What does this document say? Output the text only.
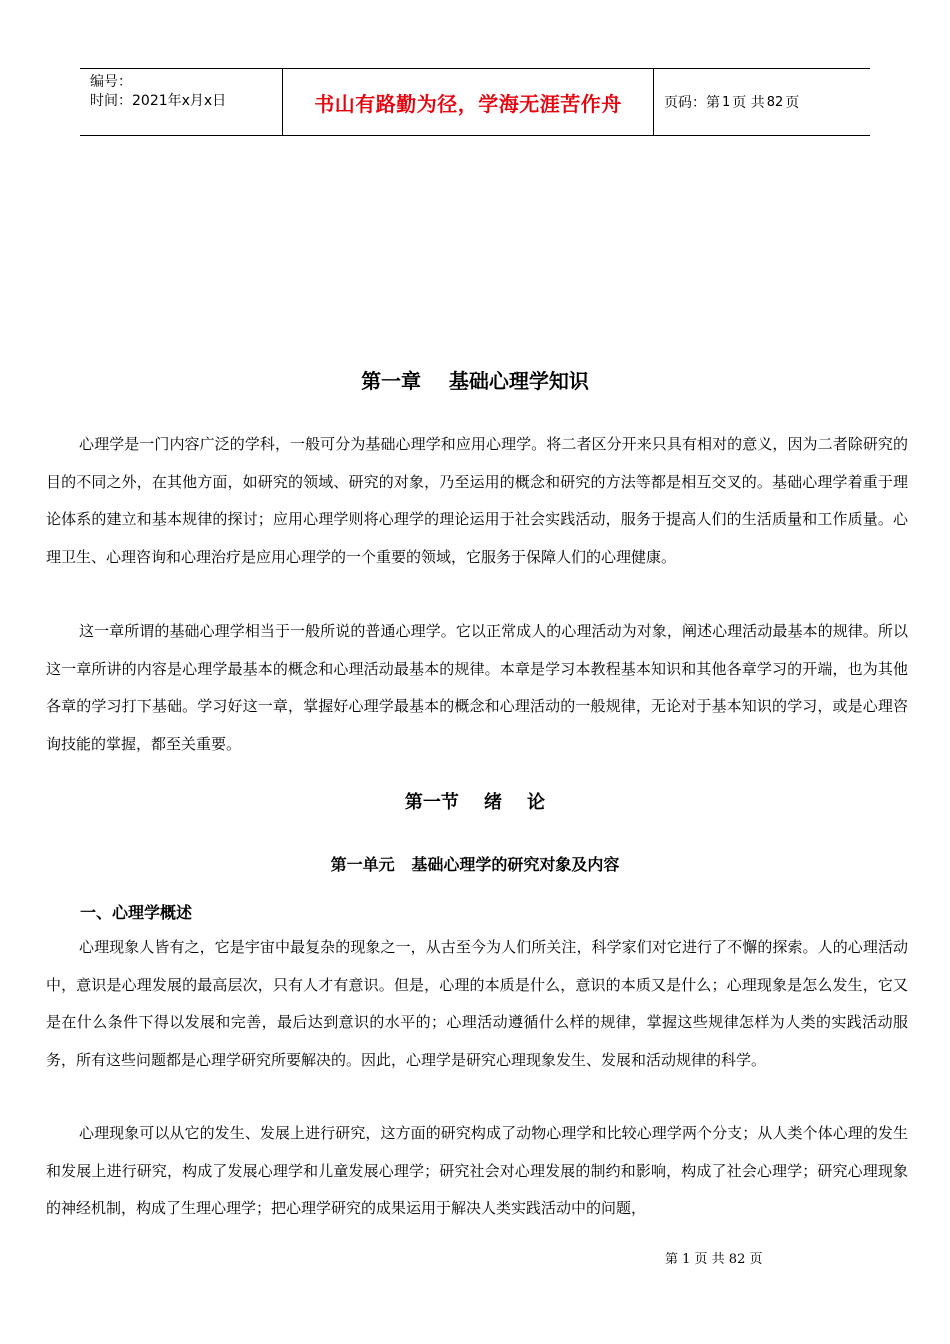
编号：
时间：2021年x月x日	书山有路勤为径，学海无涯苦作舟	页码：第 1 页 共 82 页
第一章    基础心理学知识

心理学是一门内容广泛的学科，一般可分为基础心理学和应用心理学。将二者区分开来只具有相对的意义，因为二者除研究的目的不同之外，在其他方面，如研究的领域、研究的对象，乃至运用的概念和研究的方法等都是相互交叉的。基础心理学着重于理论体系的建立和基本规律的探讨；应用心理学则将心理学的理论运用于社会实践活动，服务于提高人们的生活质量和工作质量。心理卫生、心理咨询和心理治疗是应用心理学的一个重要的领域，它服务于保障人们的心理健康。

这一章所谓的基础心理学相当于一般所说的普通心理学。它以正常成人的心理活动为对象，阐述心理活动最基本的规律。所以这一章所讲的内容是心理学最基本的概念和心理活动最基本的规律。本章是学习本教程基本知识和其他各章学习的开端，也为其他各章的学习打下基础。学习好这一章，掌握好心理学最基本的概念和心理活动的一般规律，无论对于基本知识的学习，或是心理咨询技能的掌握，都至关重要。

第一节    绪    论
第一单元   基础心理学的研究对象及内容
一、心理学概述

心理现象人皆有之，它是宇宙中最复杂的现象之一，从古至今为人们所关注，科学家们对它进行了不懈的探索。人的心理活动中，意识是心理发展的最高层次，只有人才有意识。但是，心理的本质是什么，意识的本质又是什么；心理现象是怎么发生，它又是在什么条件下得以发展和完善，最后达到意识的水平的；心理活动遵循什么样的规律，掌握这些规律怎样为人类的实践活动服务，所有这些问题都是心理学研究所要解决的。因此，心理学是研究心理现象发生、发展和活动规律的科学。

心理现象可以从它的发生、发展上进行研究，这方面的研究构成了动物心理学和比较心理学两个分支；从人类个体心理的发生和发展上进行研究，构成了发展心理学和儿童发展心理学；研究社会对心理发展的制约和影响，构成了社会心理学；研究心理现象的神经机制，构成了生理心理学；把心理学研究的成果运用于解决人类实践活动中的问题，

第 1 页 共 82 页
